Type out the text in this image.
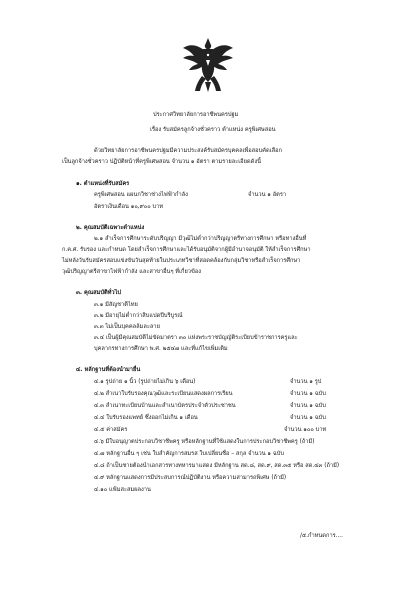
ประกาศวิทยาลัยการอาชีพนครปฐม
เรื่อง รับสมัครลูกจ้างชั่วคราว ตำแหน่ง ครูพิเศษสอน
ด้วยวิทยาลัยการอาชีพนครปฐมมีความประสงค์รับสมัครบุคคลเพื่อสอบคัดเลือก
เป็นลูกจ้างชั่วคราว ปฏิบัติหน้าที่ครูพิเศษสอน จำนวน ๑ อัตรา ตามรายละเอียดดังนี้
๑. ตำแหน่งที่รับสมัคร
ครูพิเศษสอน แผนกวิชาช่างไฟฟ้ากำลัง	จำนวน ๑ อัตรา
อัตราเงินเดือน ๑๐,๙๐๐ บาท
๒. คุณสมบัติเฉพาะตำแหน่ง
๒.๑ สำเร็จการศึกษาระดับปริญญา มีวุฒิไม่ต่ำกว่าปริญญาตรีทางการศึกษา หรือทางอื่นที่
ก.ค.ศ. รับรอง และกำหนด โดยสำเร็จการศึกษาและได้รับอนุมัติจากผู้มีอำนาจอนุมัติ ให้สำเร็จการศึกษา
ไม่หลังวันรับสมัครสอบแข่งขันวันสุดท้ายในประเภทวิชาที่สอดคล้องกับกลุ่มวิชาหรือสำเร็จการศึกษา
วุฒิปริญญาตรีสาขาไฟฟ้ากำลัง และสาขาอื่นๆ ที่เกี่ยวข้อง
๓. คุณสมบัติทั่วไป
๓.๑ มีสัญชาติไทย
๓.๒ มีอายุไม่ต่ำกว่าสิบแปดปีบริบูรณ์
๓.๓ ไม่เป็นบุคคลล้มละลาย
๓.๔ เป็นผู้มีคุณสมบัติไม่ขัดมาตรา ๓๐ แห่งพระราชบัญญัติระเบียบข้าราชการครูและ
บุคลากรทางการศึกษา พ.ศ. ๒๕๔๗ และที่แก้ไขเพิ่มเติม
๔. หลักฐานที่ต้องนำมายื่น
๔.๑ รูปถ่าย ๑ นิ้ว (รูปถ่ายไม่เกิน ๖ เดือน)	จำนวน ๑ รูป
๔.๒ สำเนาใบรับรองคุณวุฒิและระเบียนแสดงผลการเรียน	จำนวน ๑ ฉบับ
๔.๓ สำเนาทะเบียนบ้านและสำเนาบัตรประจำตัวประชาชน	จำนวน ๑ ฉบับ
๔.๔ ใบรับรองแพทย์ ซึ่งออกไม่เกิน ๑ เดือน	จำนวน ๑ ฉบับ
๔.๕ ค่าสมัคร	จำนวน ๑๐๐ บาท
๔.๖ มีใบอนุญาตประกอบวิชาชีพครู หรือหลักฐานที่ใช้แสดงในการประกอบวิชาชีพครู (ถ้ามี)
๔.๗ หลักฐานอื่น ๆ เช่น ใบสำคัญการสมรส ใบเปลี่ยนชื่อ – สกุล จำนวน ๑ ฉบับ
๔.๘ ถ้าเป็นชายต้องนำเอกสารทางทหารมาแสดง มีหลักฐาน สด.๘, สด.๙, สด.๓๕ หรือ สด.๔๓ (ถ้ามี)
๔.๙ หลักฐานแสดงการมีประสบการณ์ปฏิบัติงาน หรือความสามารถพิเศษ (ถ้ามี)
๔.๑๐ แฟ้มสะสมผลงาน
/๕.กำหนดการ....
